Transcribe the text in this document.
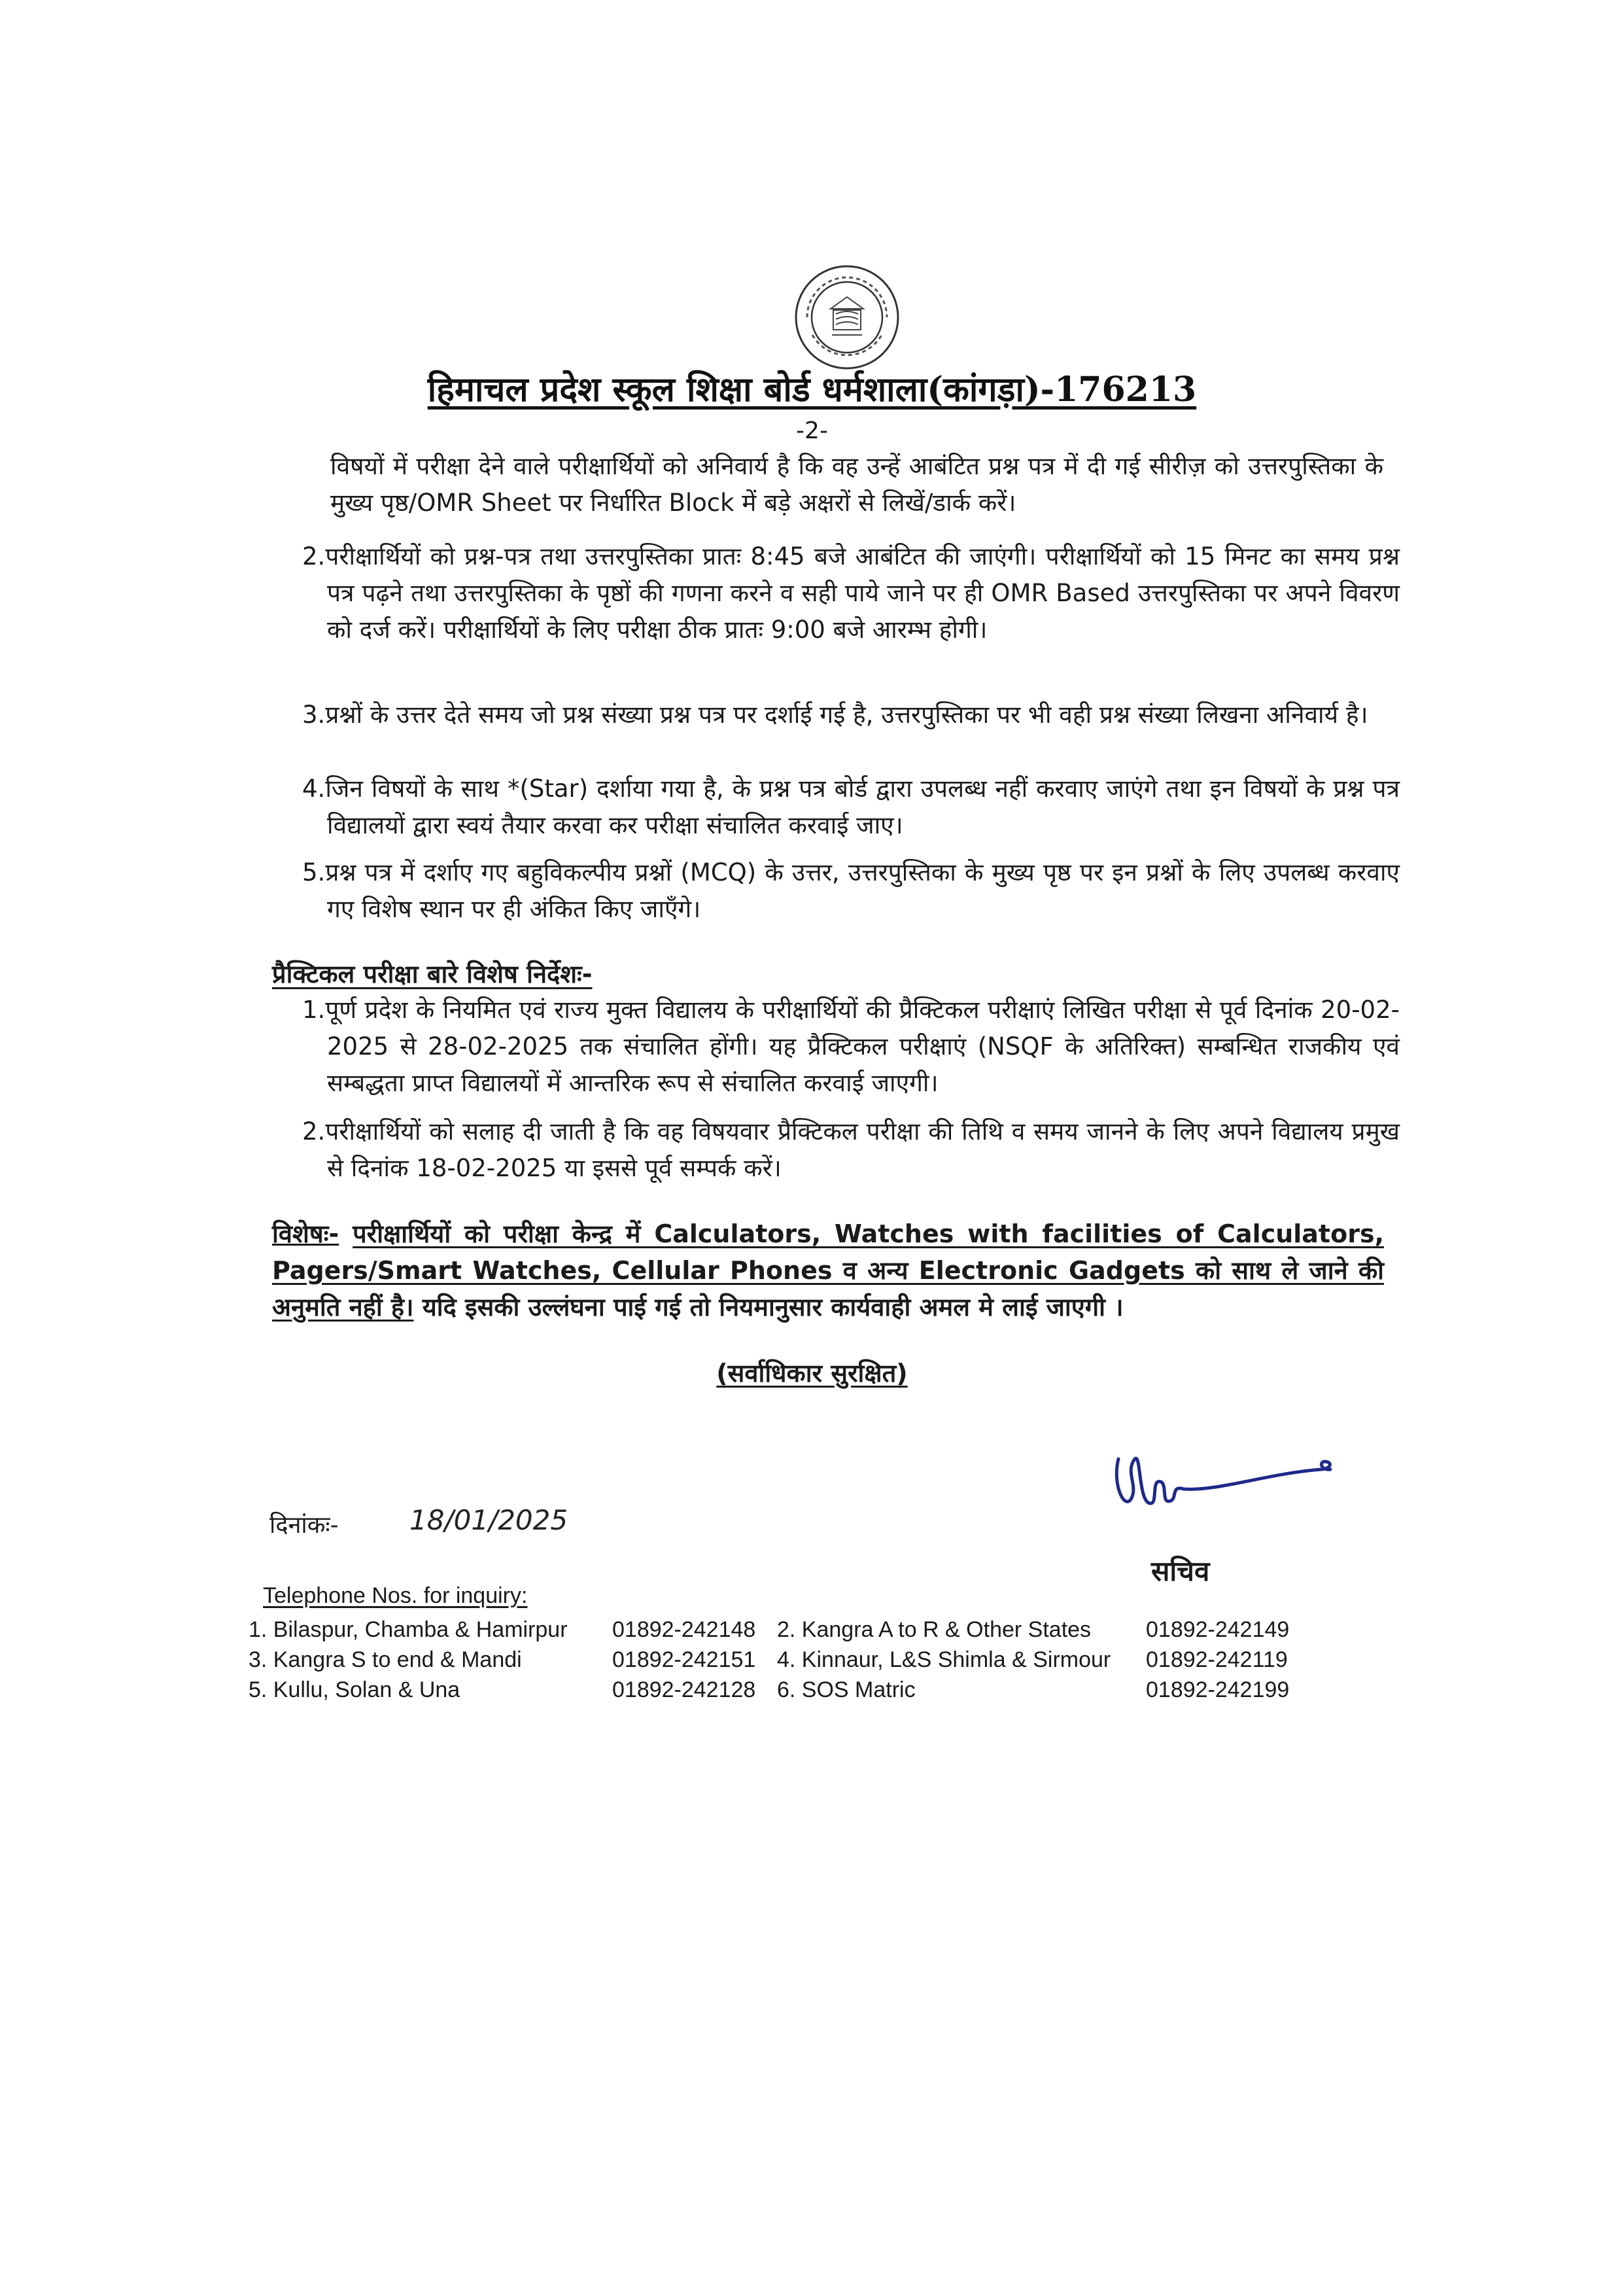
हिमाचल प्रदेश स्कूल शिक्षा बोर्ड धर्मशाला(कांगड़ा)-176213
-2-
विषयों में परीक्षा देने वाले परीक्षार्थियों को अनिवार्य है कि वह उन्हें आबंटित प्रश्न पत्र में दी गई सीरीज़ को उत्तरपुस्तिका के मुख्य पृष्ठ/OMR Sheet पर निर्धारित Block में बड़े अक्षरों से लिखें/डार्क करें।
2.परीक्षार्थियों को प्रश्न-पत्र तथा उत्तरपुस्तिका प्रातः 8:45 बजे आबंटित की जाएंगी। परीक्षार्थियों को 15 मिनट का समय प्रश्न पत्र पढ़ने तथा उत्तरपुस्तिका के पृष्ठों की गणना करने व सही पाये जाने पर ही OMR Based उत्तरपुस्तिका पर अपने विवरण को दर्ज करें। परीक्षार्थियों के लिए परीक्षा ठीक प्रातः 9:00 बजे आरम्भ होगी।
3.प्रश्नों के उत्तर देते समय जो प्रश्न संख्या प्रश्न पत्र पर दर्शाई गई है, उत्तरपुस्तिका पर भी वही प्रश्न संख्या लिखना अनिवार्य है।
4.जिन विषयों के साथ *(Star) दर्शाया गया है, के प्रश्न पत्र बोर्ड द्वारा उपलब्ध नहीं करवाए जाएंगे तथा इन विषयों के प्रश्न पत्र विद्यालयों द्वारा स्वयं तैयार करवा कर परीक्षा संचालित करवाई जाए।
5.प्रश्न पत्र में दर्शाए गए बहुविकल्पीय प्रश्नों (MCQ) के उत्तर, उत्तरपुस्तिका के मुख्य पृष्ठ पर इन प्रश्नों के लिए उपलब्ध करवाए गए विशेष स्थान पर ही अंकित किए जाएँगे।
प्रैक्टिकल परीक्षा बारे विशेष निर्देशः-
1.पूर्ण प्रदेश के नियमित एवं राज्य मुक्त विद्यालय के परीक्षार्थियों की प्रैक्टिकल परीक्षाएं लिखित परीक्षा से पूर्व दिनांक 20-02-2025 से 28-02-2025 तक संचालित होंगी। यह प्रैक्टिकल परीक्षाएं (NSQF के अतिरिक्त) सम्बन्धित राजकीय एवं सम्बद्धता प्राप्त विद्यालयों में आन्तरिक रूप से संचालित करवाई जाएगी।
2.परीक्षार्थियों को सलाह दी जाती है कि वह विषयवार प्रैक्टिकल परीक्षा की तिथि व समय जानने के लिए अपने विद्यालय प्रमुख से दिनांक 18-02-2025 या इससे पूर्व सम्पर्क करें।
विशेषः- परीक्षार्थियों को परीक्षा केन्द्र में Calculators, Watches with facilities of Calculators, Pagers/Smart Watches, Cellular Phones व अन्य Electronic Gadgets को साथ ले जाने की अनुमति नहीं है। यदि इसकी उल्लंघना पाई गई तो नियमानुसार कार्यवाही अमल मे लाई जाएगी ।
(सर्वाधिकार सुरक्षित)
सचिव
दिनांकः-	18/01/2025
Telephone Nos. for inquiry:
1. Bilaspur, Chamba & Hamirpur 01892-242148 2. Kangra A to R & Other States 01892-242149
3. Kangra S to end & Mandi	01892-242151 4. Kinnaur, L&S Shimla & Sirmour 01892-242119
5. Kullu, Solan & Una	01892-242128 6. SOS Matric	01892-242199
